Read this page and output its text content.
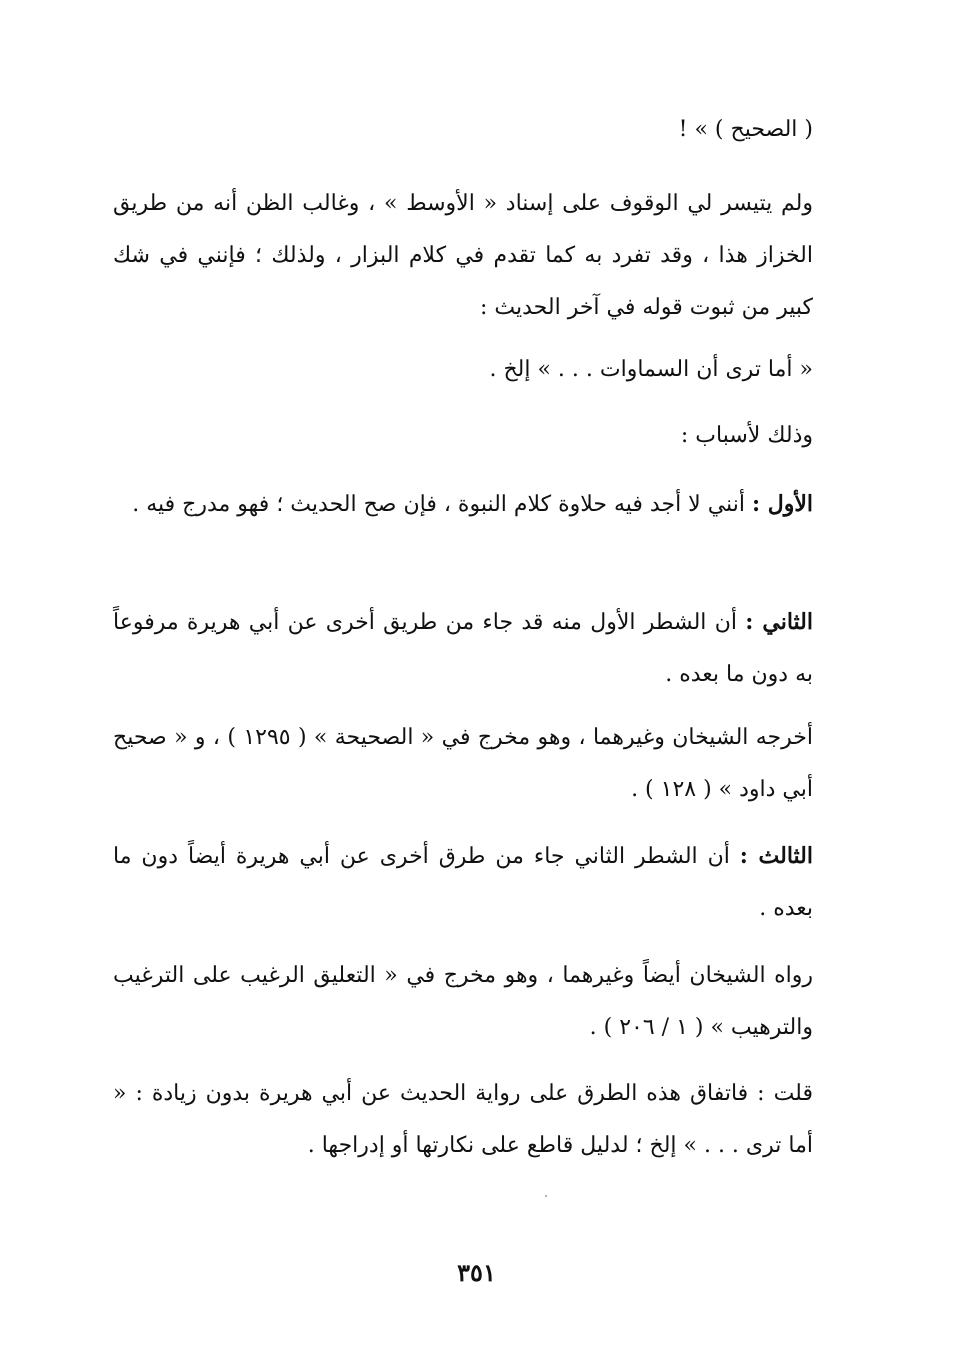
( الصحيح ) » !

ولم يتيسر لي الوقوف على إسناد « الأوسط » ، وغالب الظن أنه من طريق الخزاز هذا ، وقد تفرد به كما تقدم في كلام البزار ، ولذلك ؛ فإنني في شك كبير من ثبوت قوله في آخر الحديث :

« أما ترى أن السماوات . . . » إلخ .

وذلك لأسباب :

الأول : أنني لا أجد فيه حلاوة كلام النبوة ، فإن صح الحديث ؛ فهو مدرج فيه .

الثاني : أن الشطر الأول منه قد جاء من طريق أخرى عن أبي هريرة مرفوعاً به دون ما بعده .

أخرجه الشيخان وغيرهما ، وهو مخرج في « الصحيحة » ( ١٢٩٥ ) ، و « صحيح أبي داود » ( ١٢٨ ) .

الثالث : أن الشطر الثاني جاء من طرق أخرى عن أبي هريرة أيضاً دون ما بعده .

رواه الشيخان أيضاً وغيرهما ، وهو مخرج في « التعليق الرغيب على الترغيب والترهيب » ( ١ / ٢٠٦ ) .

قلت : فاتفاق هذه الطرق على رواية الحديث عن أبي هريرة بدون زيادة : « أما ترى . . . » إلخ ؛ لدليل قاطع على نكارتها أو إدراجها .

٣٥١
